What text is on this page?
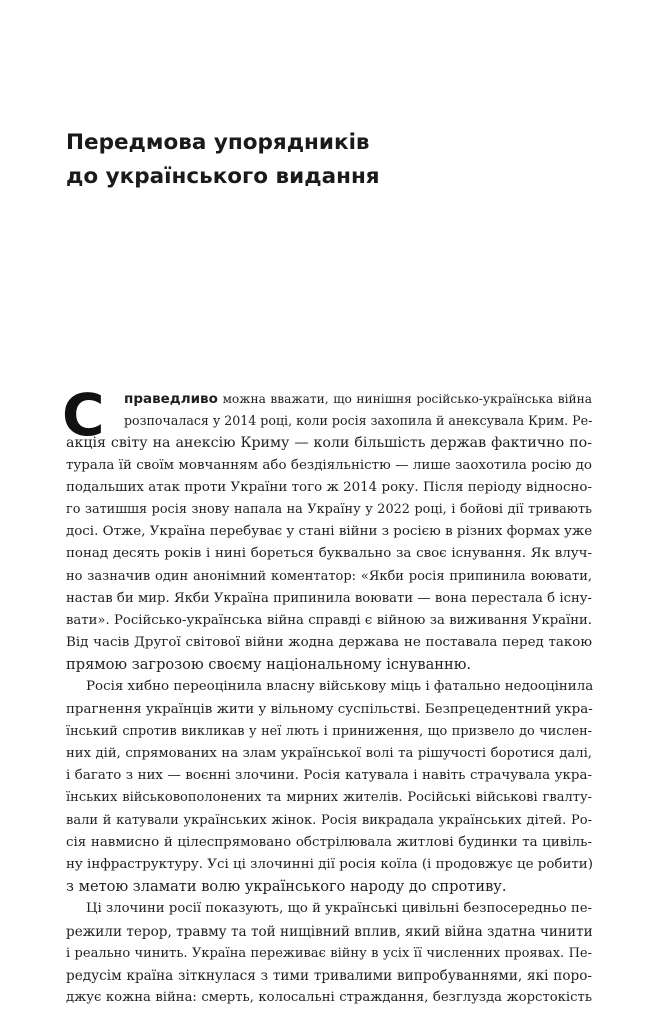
Передмова упорядників
до українського видання
С	праведливо можна вважати, що нинішня російсько-українська війна
розпочалася у 2014 році, коли росія захопила й анексувала Крим. Ре-
акція світу на анексію Криму — коли більшість держав фактично по-
турала їй своїм мовчанням або бездіяльністю — лише заохотила росію до
подальших атак проти України того ж 2014 року. Після періоду відносно-
го затишшя росія знову напала на Україну у 2022 році, і бойові дії тривають
досі. Отже, Україна перебуває у стані війни з росією в різних формах уже
понад десять років і нині бореться буквально за своє існування. Як влуч-
но зазначив один анонімний коментатор: «Якби росія припинила воювати,
настав би мир. Якби Україна припинила воювати — вона перестала б існу-
вати». Російсько-українська війна справді є війною за виживання України.
Від часів Другої світової війни жодна держава не поставала перед такою
прямою загрозою своєму національному існуванню.
Росія хибно переоцінила власну військову міць і фатально недооцінила
прагнення українців жити у вільному суспільстві. Безпрецедентний укра-
їнський спротив викликав у неї лють і приниження, що призвело до числен-
них дій, спрямованих на злам української волі та рішучості боротися далі,
і багато з них — воєнні злочини. Росія катувала і навіть страчувала укра-
їнських військовополонених та мирних жителів. Російські військові гвалту-
вали й катували українських жінок. Росія викрадала українських дітей. Ро-
сія навмисно й цілеспрямовано обстрілювала житлові будинки та цивіль-
ну інфраструктуру. Усі ці злочинні дії росія коїла (і продовжує це робити)
з метою зламати волю українського народу до спротиву.
Ці злочини росії показують, що й українські цивільні безпосередньо пе-
режили терор, травму та той нищівний вплив, який війна здатна чинити
і реально чинить. Україна переживає війну в усіх її численних проявах. Пе-
редусім країна зіткнулася з тими тривалими випробуваннями, які поро-
джує кожна війна: смерть, колосальні страждання, безглузда жорстокість
